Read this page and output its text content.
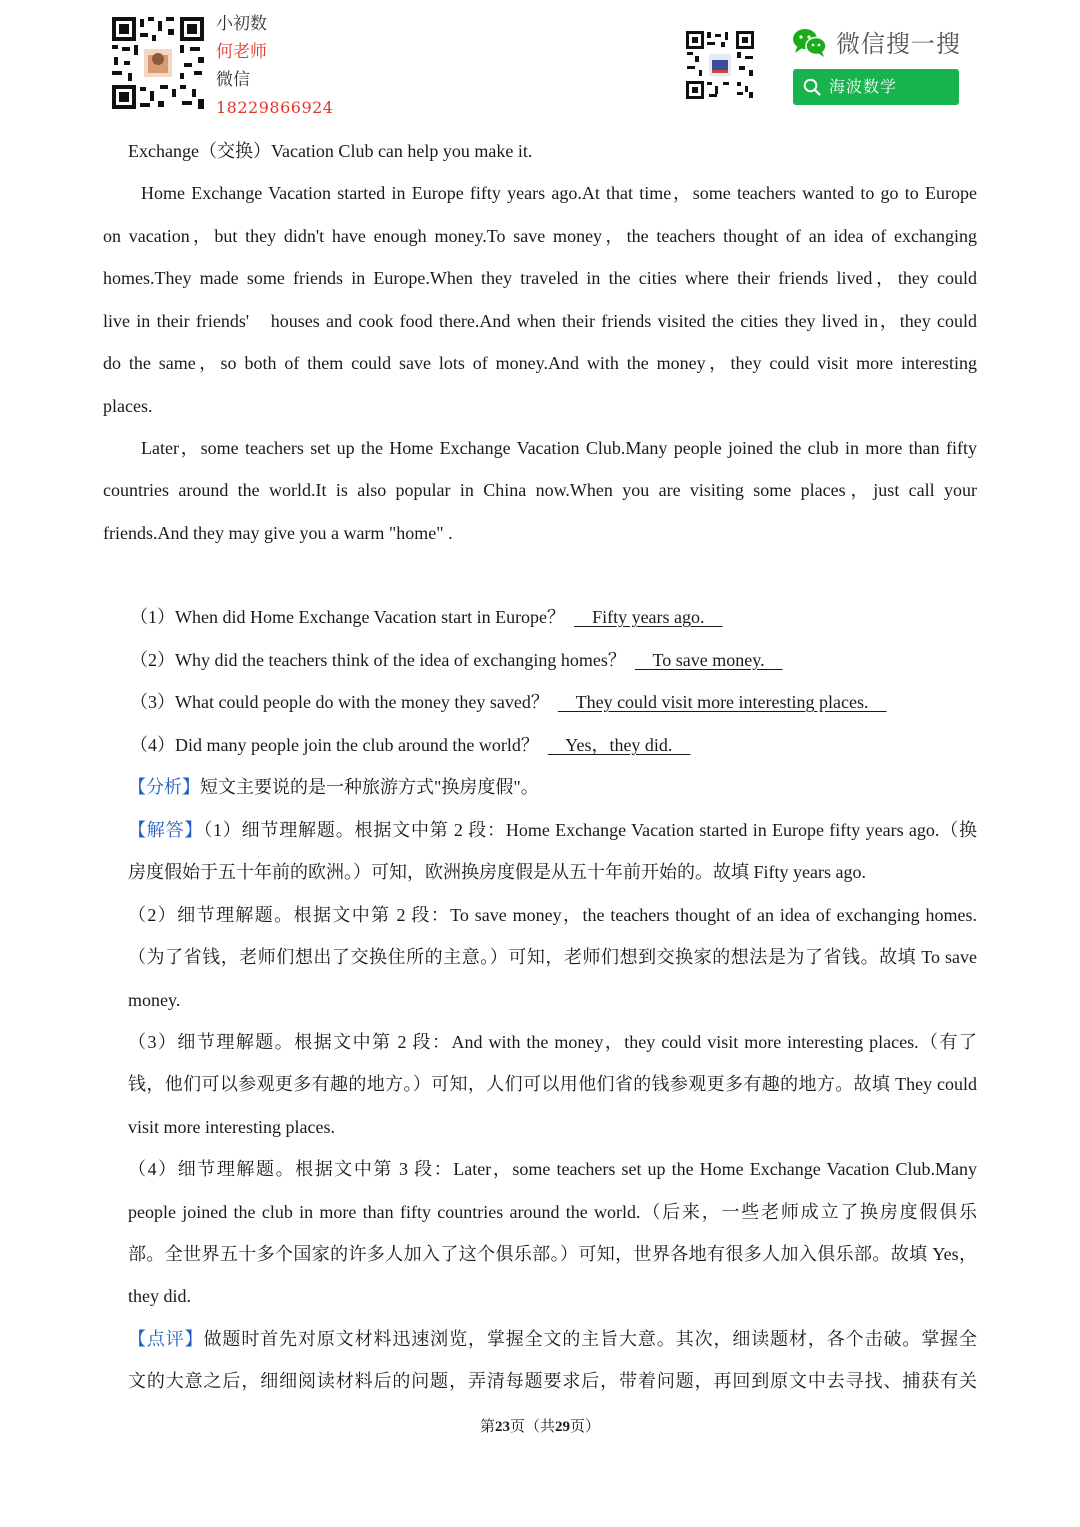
小初数
何老师
微信
18229866924
微信搜一搜
海波数学
Exchange（交换）Vacation Club can help you make it.
Home Exchange Vacation started in Europe fifty years ago.At that time，some teachers wanted to go to Europe
on vacation，but they didn't have enough money.To save money，the teachers thought of an idea of exchanging
homes.They made some friends in Europe.When they traveled in the cities where their friends lived，they could
live in their friends'　houses and cook food there.And when their friends visited the cities they lived in，they could
do the same，so both of them could save lots of money.And with the money，they could visit more interesting
places.
Later，some teachers set up the Home Exchange Vacation Club.Many people joined the club in more than fifty
countries around the world.It is also popular in China now.When you are visiting some places，just call your
friends.And they may give you a warm "home" .
（1）When did Home Exchange Vacation start in Europe？      Fifty years ago.
（2）Why did the teachers think of the idea of exchanging homes？      To save money.
（3）What could people do with the money they saved？      They could visit more interesting places.
（4）Did many people join the club around the world？      Yes，they did.
【分析】短文主要说的是一种旅游方式"换房度假"。
【解答】（1）细节理解题。根据文中第 2 段：Home Exchange Vacation started in Europe fifty years ago.（换
房度假始于五十年前的欧洲。）可知，欧洲换房度假是从五十年前开始的。故填 Fifty years ago.
（2）细节理解题。根据文中第 2 段：To save money，the teachers thought of an idea of exchanging homes.
（为了省钱，老师们想出了交换住所的主意。）可知，老师们想到交换家的想法是为了省钱。故填 To save
money.
（3）细节理解题。根据文中第 2 段：And with the money，they could visit more interesting places.（有了
钱，他们可以参观更多有趣的地方。）可知，人们可以用他们省的钱参观更多有趣的地方。故填 They could
visit more interesting places.
（4）细节理解题。根据文中第 3 段：Later，some teachers set up the Home Exchange Vacation Club.Many
people joined the club in more than fifty countries around the world.（后来，一些老师成立了换房度假俱乐
部。全世界五十多个国家的许多人加入了这个俱乐部。）可知，世界各地有很多人加入俱乐部。故填 Yes，
they did.
【点评】做题时首先对原文材料迅速浏览，掌握全文的主旨大意。其次，细读题材，各个击破。掌握全
文的大意之后，细细阅读材料后的问题，弄清每题要求后，带着问题，再回到原文中去寻找、捕获有关
第23页（共29页）
